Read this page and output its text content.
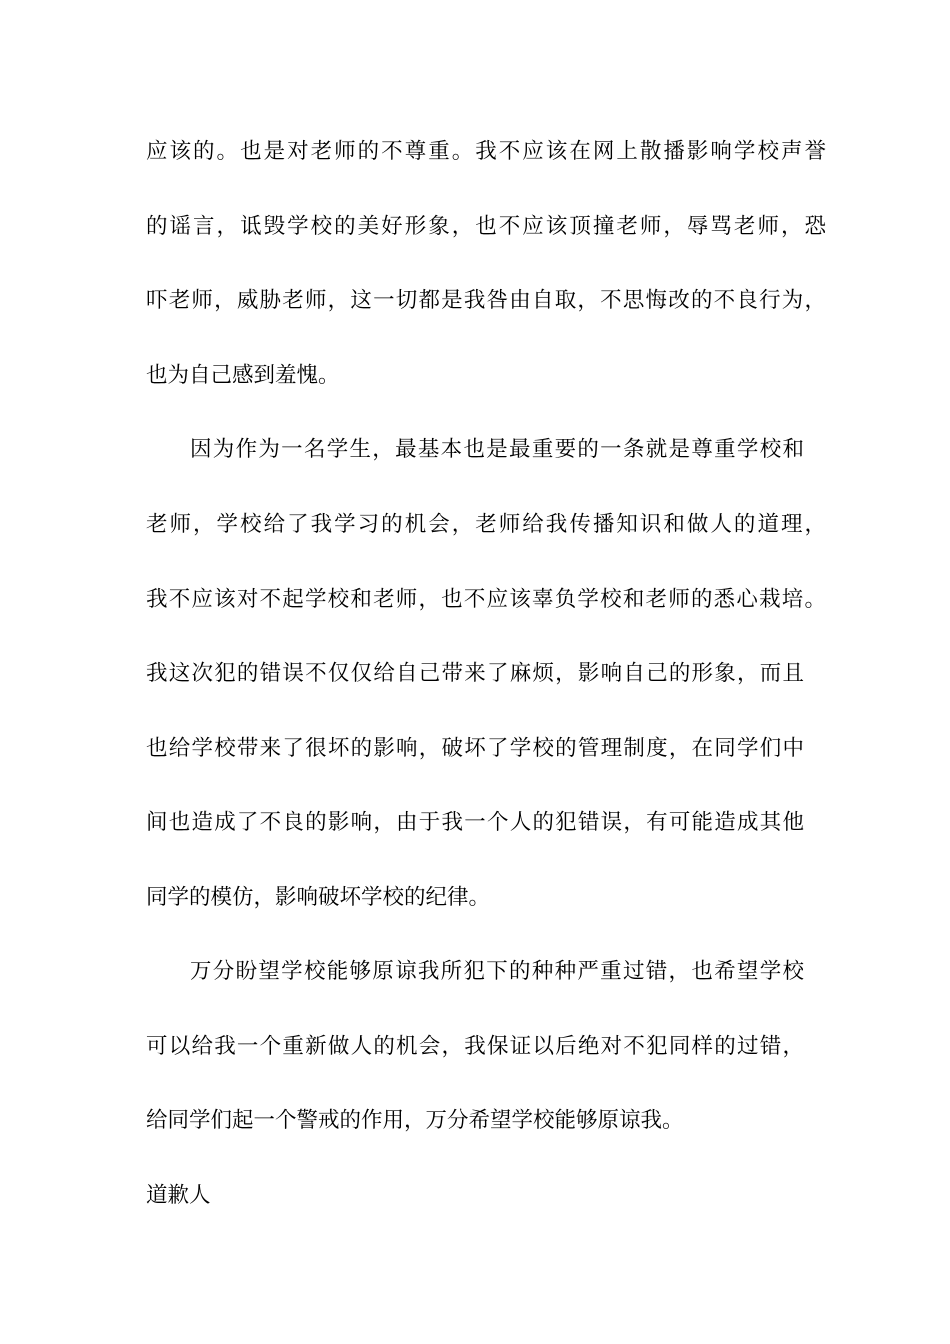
应该的。也是对老师的不尊重。我不应该在网上散播影响学校声誉
的谣言，诋毁学校的美好形象，也不应该顶撞老师，辱骂老师，恐
吓老师，威胁老师，这一切都是我咎由自取，不思悔改的不良行为，
也为自己感到羞愧。
因为作为一名学生，最基本也是最重要的一条就是尊重学校和
老师，学校给了我学习的机会，老师给我传播知识和做人的道理，
我不应该对不起学校和老师，也不应该辜负学校和老师的悉心栽培。
我这次犯的错误不仅仅给自己带来了麻烦，影响自己的形象，而且
也给学校带来了很坏的影响，破坏了学校的管理制度，在同学们中
间也造成了不良的影响，由于我一个人的犯错误，有可能造成其他
同学的模仿，影响破坏学校的纪律。
万分盼望学校能够原谅我所犯下的种种严重过错，也希望学校
可以给我一个重新做人的机会，我保证以后绝对不犯同样的过错，
给同学们起一个警戒的作用，万分希望学校能够原谅我。
道歉人
